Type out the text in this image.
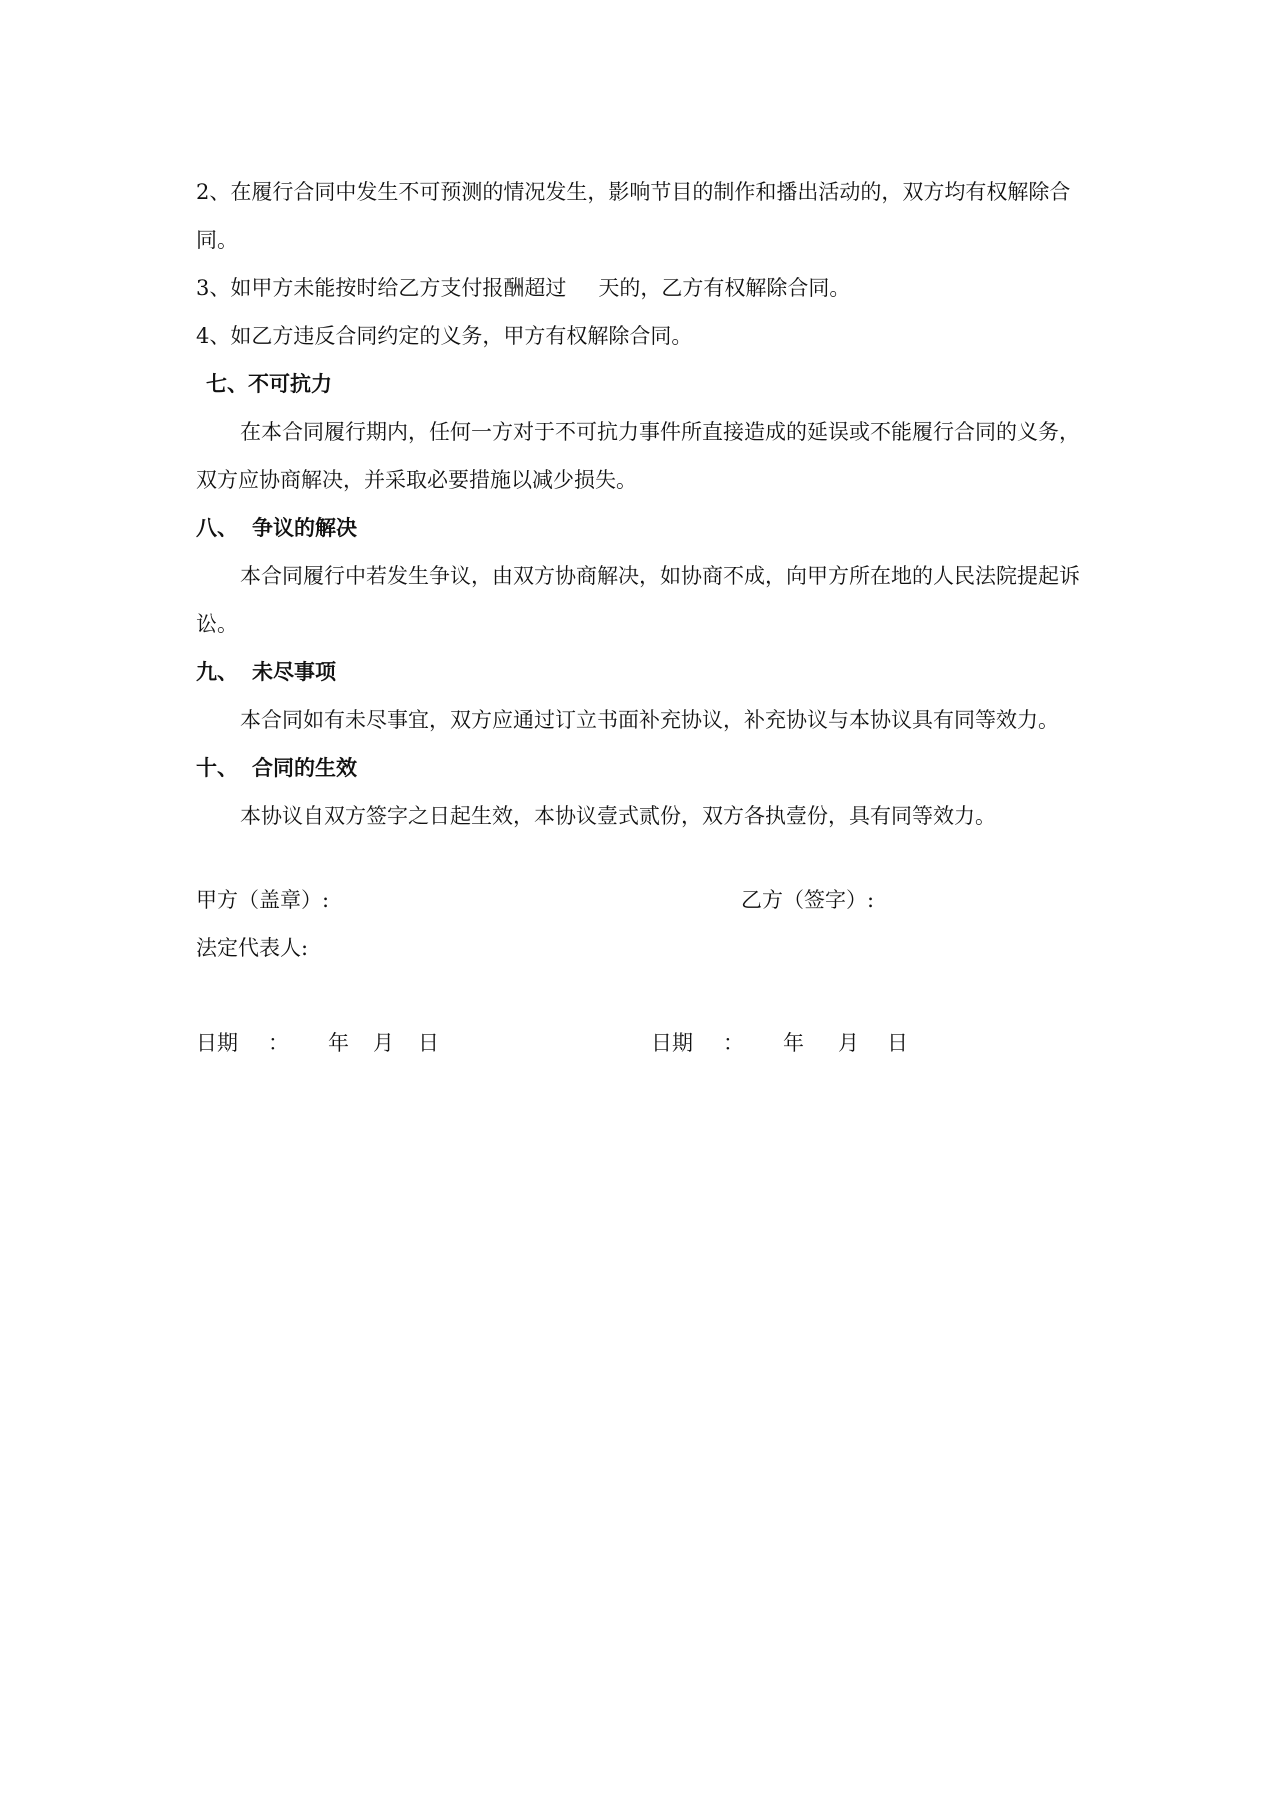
2、在履行合同中发生不可预测的情况发生，影响节目的制作和播出活动的，双方均有权解除合同。

3、如甲方未能按时给乙方支付报酬超过 天的，乙方有权解除合同。

4、如乙方违反合同约定的义务，甲方有权解除合同。

七、不可抗力

在本合同履行期内，任何一方对于不可抗力事件所直接造成的延误或不能履行合同的义务，双方应协商解决，并采取必要措施以减少损失。

八、 争议的解决

本合同履行中若发生争议，由双方协商解决，如协商不成，向甲方所在地的人民法院提起诉讼。

九、 未尽事项

本合同如有未尽事宜，双方应通过订立书面补充协议，补充协议与本协议具有同等效力。

十、 合同的生效

本协议自双方签字之日起生效，本协议壹式贰份，双方各执壹份，具有同等效力。

甲方（盖章）:	乙方（签字）:
法定代表人:
日期 ： 年 月 日	日期 ： 年 月 日
